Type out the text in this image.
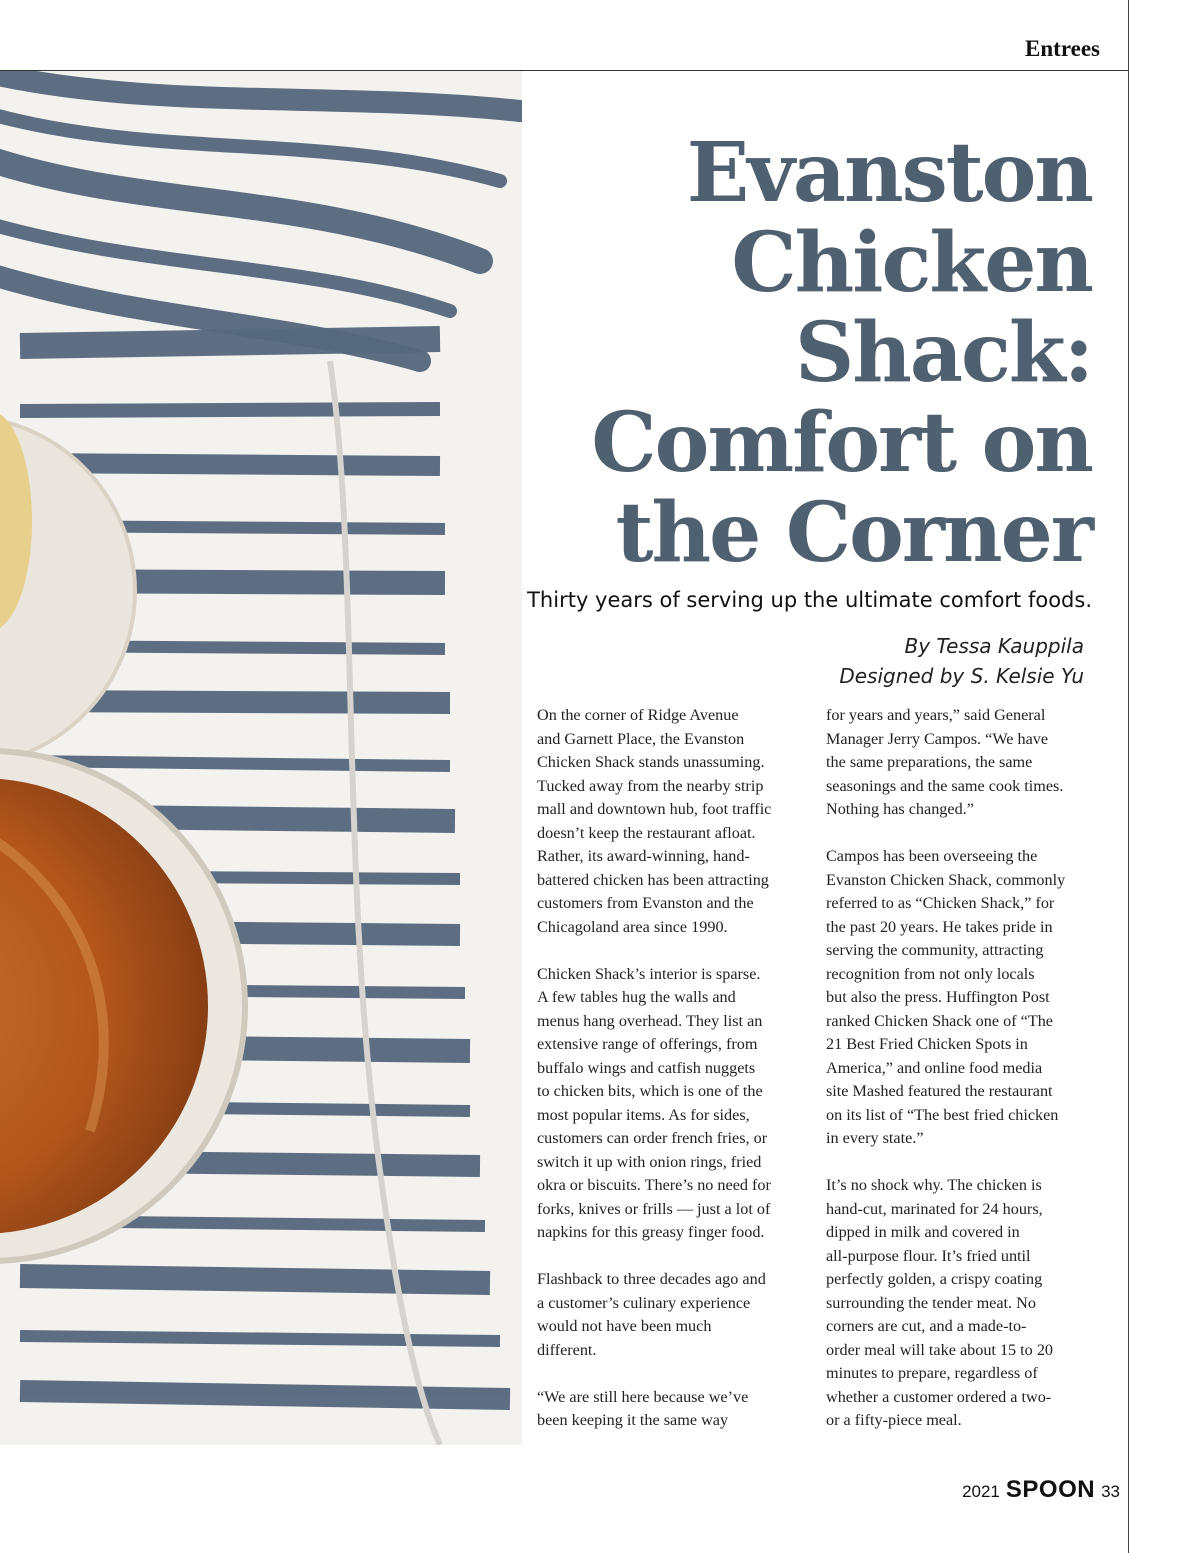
Entrees
Evanston
Chicken
Shack:
Comfort on
the Corner
Thirty years of serving up the ultimate comfort foods.
By Tessa Kauppila
Designed by S. Kelsie Yu

On the corner of Ridge Avenue
and Garnett Place, the Evanston
Chicken Shack stands unassuming.
Tucked away from the nearby strip
mall and downtown hub, foot traffic
doesn’t keep the restaurant afloat.
Rather, its award-winning, hand-
battered chicken has been attracting
customers from Evanston and the
Chicagoland area since 1990.

Chicken Shack’s interior is sparse.
A few tables hug the walls and
menus hang overhead. They list an
extensive range of offerings, from
buffalo wings and catfish nuggets
to chicken bits, which is one of the
most popular items. As for sides,
customers can order french fries, or
switch it up with onion rings, fried
okra or biscuits. There’s no need for
forks, knives or frills — just a lot of
napkins for this greasy finger food.

Flashback to three decades ago and
a customer’s culinary experience
would not have been much
different.

“We are still here because we’ve
been keeping it the same way

for years and years,” said General
Manager Jerry Campos. “We have
the same preparations, the same
seasonings and the same cook times.
Nothing has changed.”

Campos has been overseeing the
Evanston Chicken Shack, commonly
referred to as “Chicken Shack,” for
the past 20 years. He takes pride in
serving the community, attracting
recognition from not only locals
but also the press. Huffington Post
ranked Chicken Shack one of “The
21 Best Fried Chicken Spots in
America,” and online food media
site Mashed featured the restaurant
on its list of “The best fried chicken
in every state.”

It’s no shock why. The chicken is
hand-cut, marinated for 24 hours,
dipped in milk and covered in
all-purpose flour. It’s fried until
perfectly golden, a crispy coating
surrounding the tender meat. No
corners are cut, and a made-to-
order meal will take about 15 to 20
minutes to prepare, regardless of
whether a customer ordered a two-
or a fifty-piece meal.

2021 SPOON 33
